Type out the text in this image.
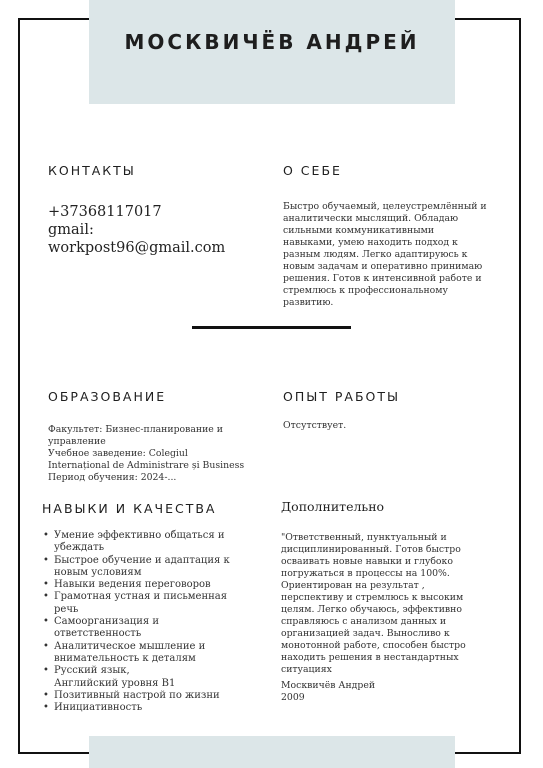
МОСКВИЧЁВ АНДРЕЙ
КОНТАКТЫ
+37368117017
gmail:
workpost96@gmail.com
О СЕБЕ
Быстро обучаемый, целеустремлённый и
аналитически мыслящий. Обладаю
сильными коммуникативными
навыками, умею находить подход к
разным людям. Легко адаптируюсь к
новым задачам и оперативно принимаю
решения. Готов к интенсивной работе и
стремлюсь к профессиональному
развитию.
ОБРАЗОВАНИЕ
Факультет: Бизнес-планирование и
управление
Учебное заведение: Colegiul
Internațional de Administrare și Business
Период обучения: 2024-...
ОПЫТ РАБОТЫ
Отсутствует.
НАВЫКИ И КАЧЕСТВА
• Умение эффективно общаться и
убеждать
• Быстрое обучение и адаптация к
новым условиям
• Навыки ведения переговоров
• Грамотная устная и письменная
речь
• Самоорганизация и
ответственность
• Аналитическое мышление и
внимательность к деталям
• Русский язык,
Английский уровня B1
• Позитивный настрой по жизни
• Инициативность
Дополнительно
"Ответственный, пунктуальный и
дисциплинированный. Готов быстро
осваивать новые навыки и глубоко
погружаться в процессы на 100%.
Ориентирован на результат ,
перспективу и стремлюсь к высоким
целям. Легко обучаюсь, эффективно
справляюсь с анализом данных и
организацией задач. Выносливо к
монотонной работе, способен быстро
находить решения в нестандартных
ситуациях
Москвичёв Андрей
2009
